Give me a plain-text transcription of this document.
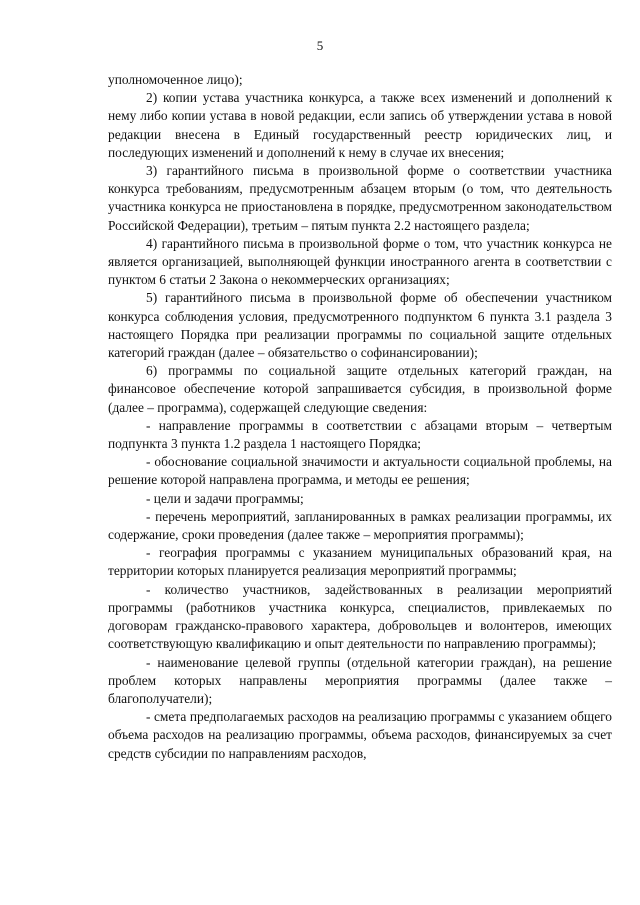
5

уполномоченное лицо);

2) копии устава участника конкурса, а также всех изменений и дополнений к нему либо копии устава в новой редакции, если запись об утверждении устава в новой редакции внесена в Единый государственный реестр юридических лиц, и последующих изменений и дополнений к нему в случае их внесения;

3) гарантийного письма в произвольной форме о соответствии участника конкурса требованиям, предусмотренным абзацем вторым (о том, что деятельность участника конкурса не приостановлена в порядке, предусмотренном законодательством Российской Федерации), третьим – пятым пункта 2.2 настоящего раздела;

4) гарантийного письма в произвольной форме о том, что участник конкурса не является организацией, выполняющей функции иностранного агента в соответствии с пунктом 6 статьи 2 Закона о некоммерческих организациях;

5) гарантийного письма в произвольной форме об обеспечении участником конкурса соблюдения условия, предусмотренного подпунктом 6 пункта 3.1 раздела 3 настоящего Порядка при реализации программы по социальной защите отдельных категорий граждан (далее – обязательство о софинансировании);

6) программы по социальной защите отдельных категорий граждан, на финансовое обеспечение которой запрашивается субсидия, в произвольной форме (далее – программа), содержащей следующие сведения:

- направление программы в соответствии с абзацами вторым – четвертым подпункта 3 пункта 1.2 раздела 1 настоящего Порядка;

- обоснование социальной значимости и актуальности социальной проблемы, на решение которой направлена программа, и методы ее решения;

- цели и задачи программы;

- перечень мероприятий, запланированных в рамках реализации программы, их содержание, сроки проведения (далее также – мероприятия программы);

- география программы с указанием муниципальных образований края, на территории которых планируется реализация мероприятий программы;

- количество участников, задействованных в реализации мероприятий программы (работников участника конкурса, специалистов, привлекаемых по договорам гражданско-правового характера, добровольцев и волонтеров, имеющих соответствующую квалификацию и опыт деятельности по направлению программы);

- наименование целевой группы (отдельной категории граждан), на решение проблем которых направлены мероприятия программы (далее также – благополучатели);

- смета предполагаемых расходов на реализацию программы с указанием общего объема расходов на реализацию программы, объема расходов, финансируемых за счет средств субсидии по направлениям расходов,
